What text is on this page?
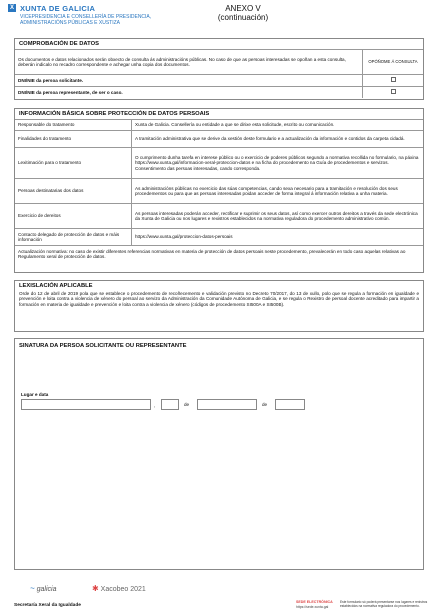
X XUNTA DE GALICIA
VICEPRESIDENCIA E CONSELLERÍA DE PRESIDENCIA, ADMINISTRACIÓNS PÚBLICAS E XUSTIZA
ANEXO V
(continuación)
COMPROBACIÓN DE DATOS
Os documentos e datos relacionados serán obxecto de consulta ás administracións públicas. No caso de que as persoas interesadas se opoñan a esta consulta, deberán indicalo no recadro correspondente e achegar unha copia dos documentos.	OPÓÑOME Á CONSULTA
DNI/NIE da persoa solicitante.	
DNI/NIE da persoa representante, de ser o caso.	
INFORMACIÓN BÁSICA SOBRE PROTECCIÓN DE DATOS PERSOAIS
Responsable do tratamento	Xunta de Galicia. Consellería ou entidade a que se dirixe esta solicitude, escrito ou comunicación.
Finalidades do tratamento	A tramitación administrativa que se derive da xestión deste formulario e a actualización da información e contidos da carpeta cidadá.
Lexitimación para o tratamento	O cumprimento dunha tarefa en interese público ou o exercicio de poderes públicos segundo a normativa recollida no formulario, na páxina https://www.xunta.gal/informacion-xeral-proteccion-datos e na ficha do procedemento na Guía de procedementos e servizos. Consentimento das persoas interesadas, cando corresponda.
Persoas destinatarias dos datos	As administracións públicas no exercicio das súas competencias, cando sexa necesario para a tramitación e resolución dos seus procedementos ou para que as persoas interesadas poidan acceder de forma integral á información relativa a unha materia.
Exercicio de dereitos	As persoas interesadas poderán acceder, rectificar e suprimir os seus datos, así como exercer outros dereitos a través da sede electrónica da Xunta de Galicia ou nos lugares e rexistros establecidos na normativa reguladora do procedemento administrativo común.
Contacto delegado de protección de datos e máis información	https://www.xunta.gal/proteccion-datos-persoais
Actualización normativa: no caso de existir diferentes referencias normativas en materia de protección de datos persoais neste procedemento, prevalecerán en todo caso aquelas relativas ao Regulamento xeral de protección de datos.	
LEXISLACIÓN APLICABLE
Orde do 12 de abril de 2019 pola que se establece o procedemento de recoñecemento e validación previsto no Decreto 70/2017, do 13 de xullo, polo que se regula a formación en igualdade e prevención e loita contra a violencia de xénero do persoal ao servizo da Administración da Comunidade Autónoma de Galicia, e se regula o Rexistro de persoal docente acreditado para impartir a formación en materia de igualdade e prevención e loita contra a violencia de xénero (códigos de procedemento SI500A e SI500B).
SINATURA DA PERSOA SOLICITANTE OU REPRESENTANTE
Lugar e data
,	de	de
~ galicia	✱ Xacobeo 2021
Secretaría Xeral da Igualdade
SEDE ELECTRÓNICA
https://sede.xunta.gal
Este formulario só poderá presentarse nos lugares e rexistros establecidos na normativa reguladora do procedemento.
